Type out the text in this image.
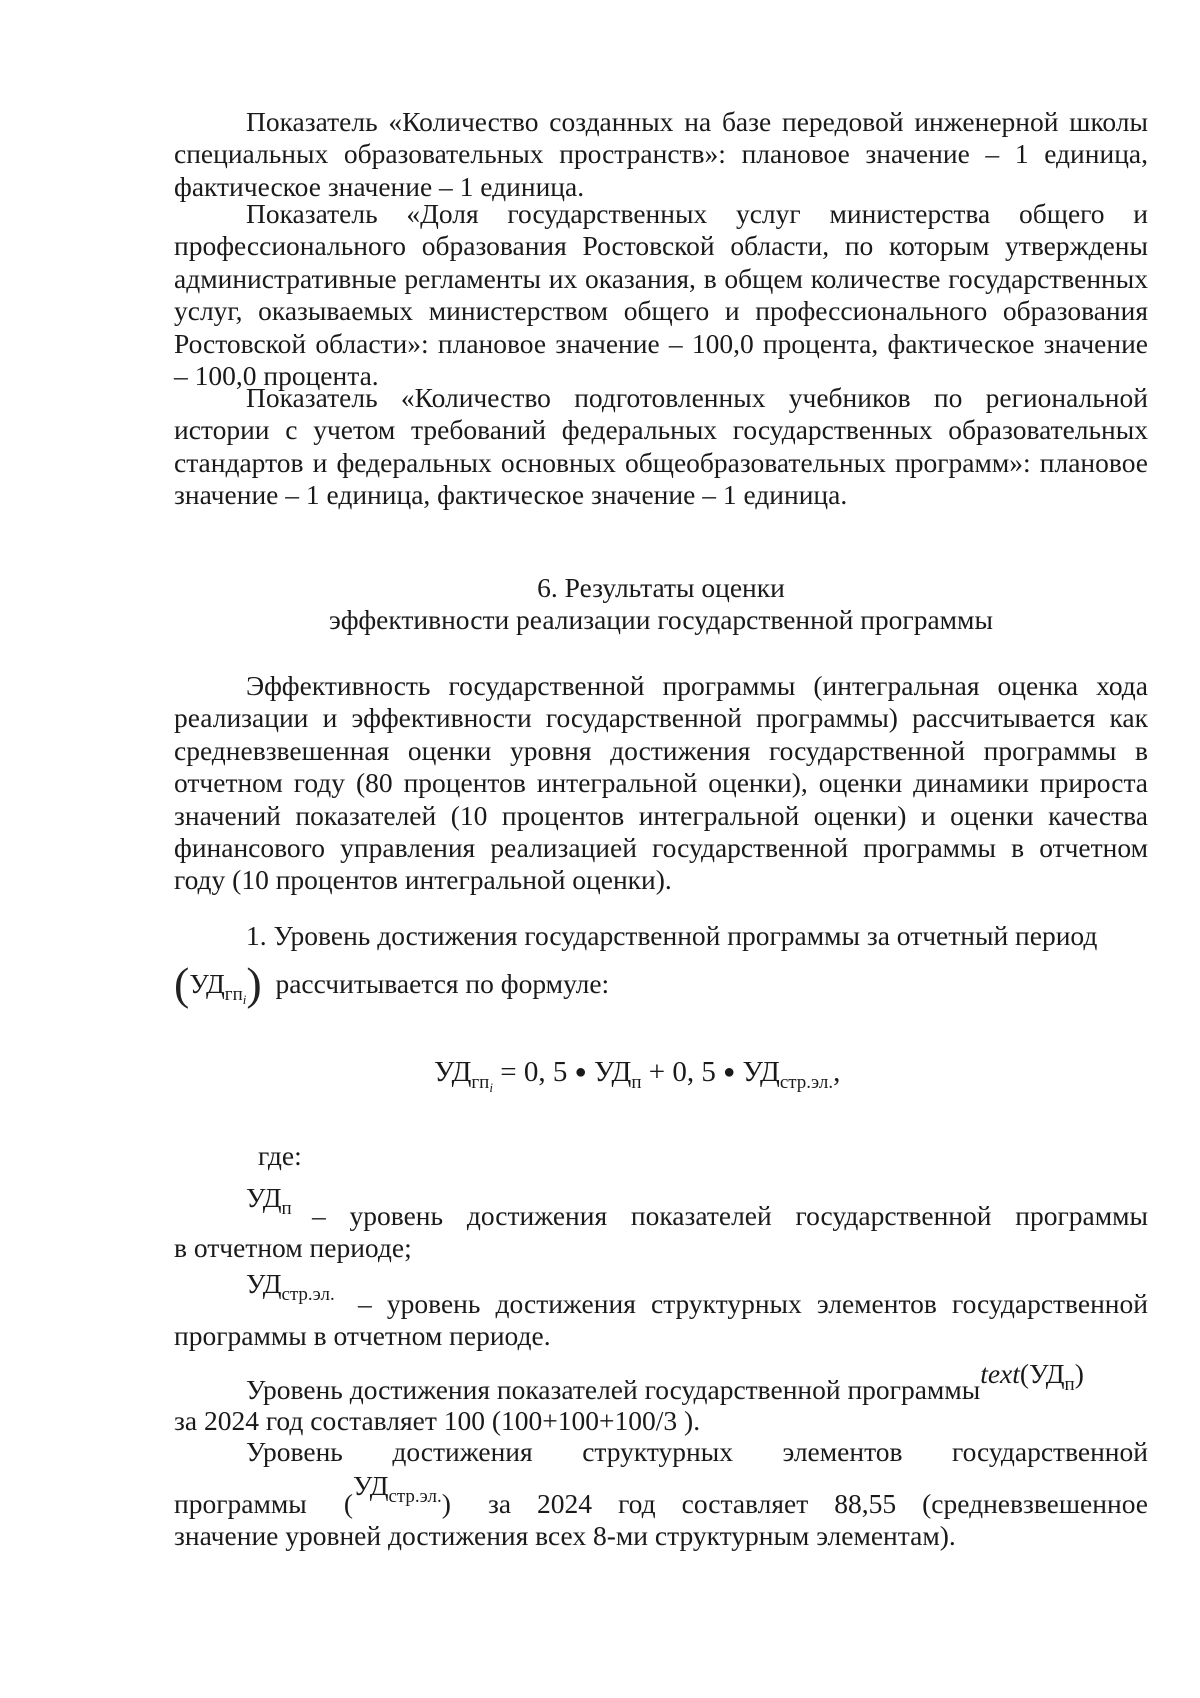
Показатель «Количество созданных на базе передовой инженерной школы специальных образовательных пространств»: плановое значение – 1 единица, фактическое значение – 1 единица.

Показатель «Доля государственных услуг министерства общего и профессионального образования Ростовской области, по которым утверждены административные регламенты их оказания, в общем количестве государственных услуг, оказываемых министерством общего и профессионального образования Ростовской области»: плановое значение – 100,0 процента, фактическое значение – 100,0 процента.

Показатель «Количество подготовленных учебников по региональной истории с учетом требований федеральных государственных образовательных стандартов и федеральных основных общеобразовательных программ»: плановое значение – 1 единица, фактическое значение – 1 единица.

6. Результаты оценки

эффективности реализации государственной программы

Эффективность государственной программы (интегральная оценка хода реализации и эффективности государственной программы) рассчитывается как средневзвешенная оценки уровня достижения государственной программы в отчетном году (80 процентов интегральной оценки), оценки динамики прироста значений показателей (10 процентов интегральной оценки) и оценки качества финансового управления реализацией государственной программы в отчетном году (10 процентов интегральной оценки).

1. Уровень достижения государственной программы за отчетный период
$(УД_{гп_i})$ рассчитывается по формуле:
$УД_{гп_i} = 0$, 5 ● $УД_п + 0$, 5 ● $УД_{стр.эл.}$,
где:
$УД_п$ – уровень достижения показателей государственной программы
в отчетном периоде;
$УД_{стр.эл.}$ – уровень достижения структурных элементов государственной
программы в отчетном периоде.
Уровень достижения показателей государственной $программыtext(УД_п)$
за 2024 год составляет 100 (100+100+100/3 ).
Уровень достижения структурных элементов государственной
программы $(УД_{стр.эл.})$ за 2024 год составляет 88,55 (средневзвешенное
значение уровней достижения всех 8-ми структурным элементам).
